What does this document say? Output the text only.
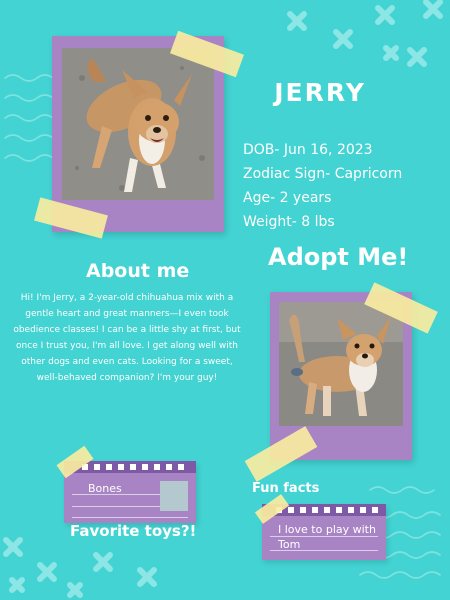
JERRY
DOB- Jun 16, 2023
Zodiac Sign- Capricorn
Age- 2 years
Weight- 8 lbs
Adopt Me!
About me
Hi! I'm Jerry, a 2-year-old chihuahua mix with a gentle heart and great manners—I even took obedience classes! I can be a little shy at first, but once I trust you, I'm all love. I get along well with other dogs and even cats. Looking for a sweet, well-behaved companion? I'm your guy!
Bones
Favorite toys?!
Fun facts
I love to play with Tom
